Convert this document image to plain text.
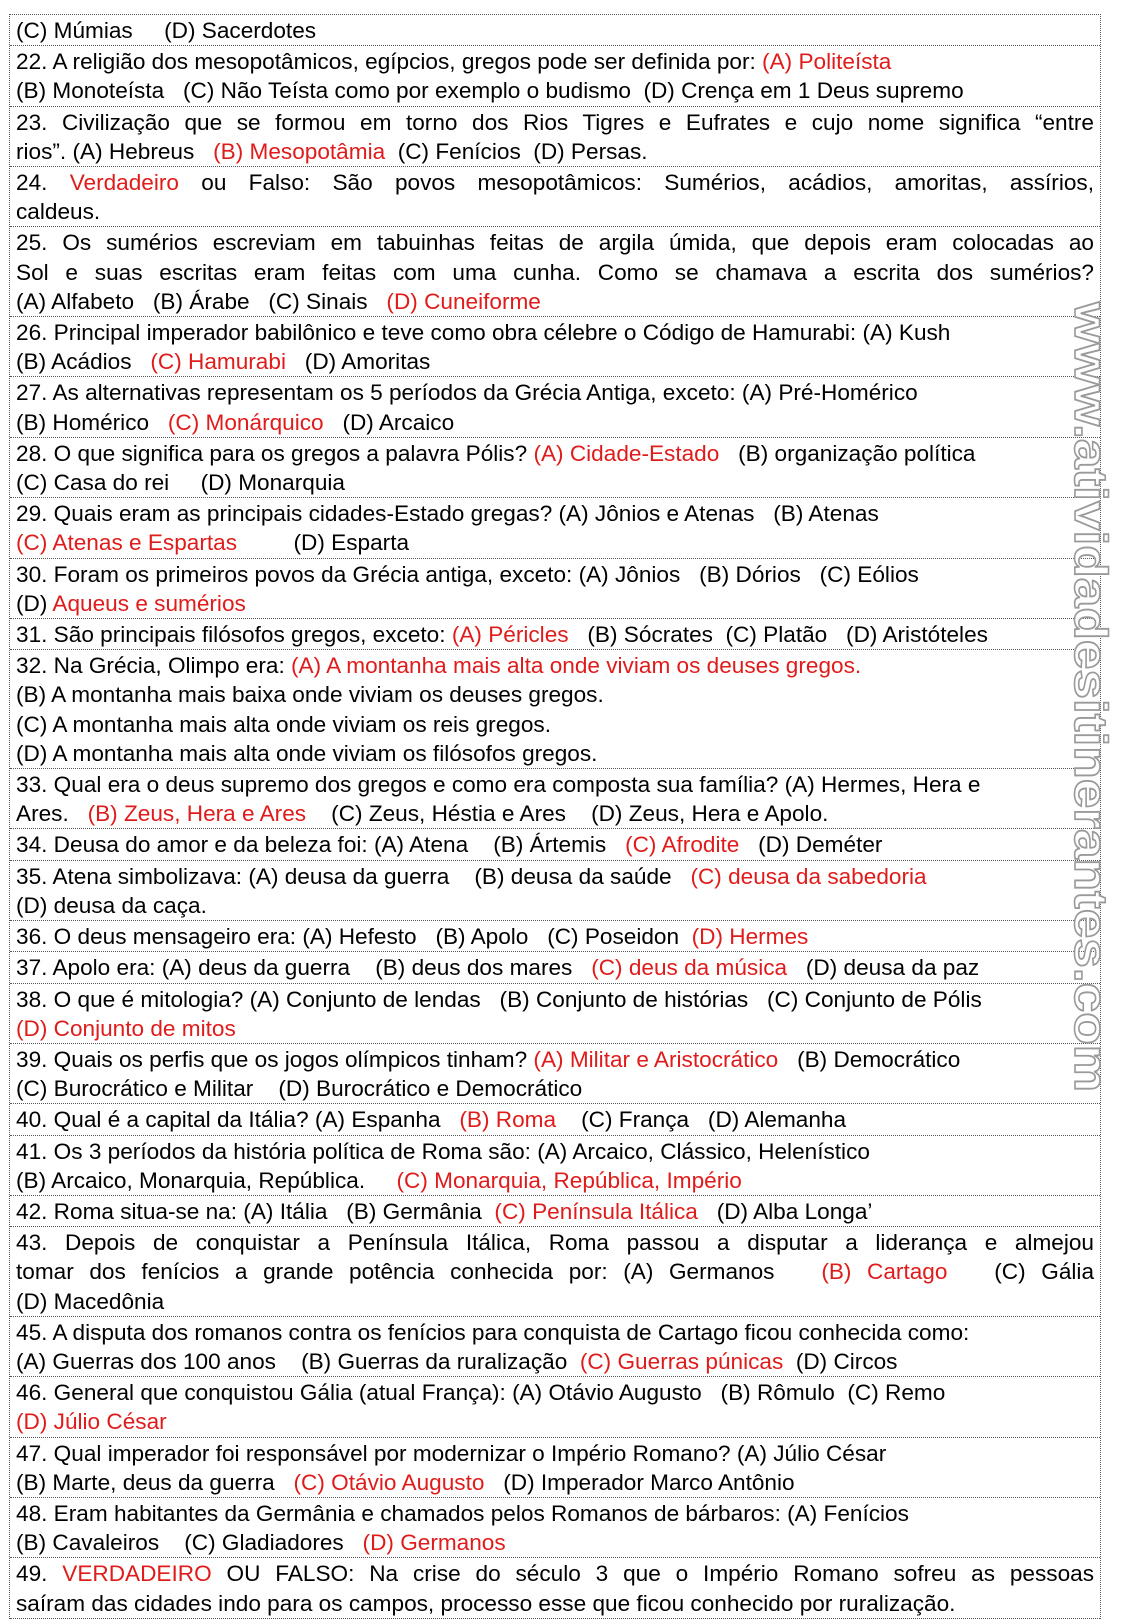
(C) Múmias     (D) Sacerdotes
22. A religião dos mesopotâmicos, egípcios, gregos pode ser definida por: (A) Politeísta
(B) Monoteísta   (C) Não Teísta como por exemplo o budismo  (D) Crença em 1 Deus supremo
23. Civilização que se formou em torno dos Rios Tigres e Eufrates e cujo nome significa “entre
rios”. (A) Hebreus   (B) Mesopotâmia  (C) Fenícios  (D) Persas.
24. Verdadeiro ou Falso: São povos mesopotâmicos: Sumérios, acádios, amoritas, assírios,
caldeus.
25. Os sumérios escreviam em tabuinhas feitas de argila úmida, que depois eram colocadas ao
Sol e suas escritas eram feitas com uma cunha. Como se chamava a escrita dos sumérios?
(A) Alfabeto   (B) Árabe   (C) Sinais   (D) Cuneiforme
26. Principal imperador babilônico e teve como obra célebre o Código de Hamurabi: (A) Kush
(B) Acádios   (C) Hamurabi   (D) Amoritas
27. As alternativas representam os 5 períodos da Grécia Antiga, exceto: (A) Pré-Homérico
(B) Homérico   (C) Monárquico   (D) Arcaico
28. O que significa para os gregos a palavra Pólis? (A) Cidade-Estado   (B) organização política
(C) Casa do rei     (D) Monarquia
29. Quais eram as principais cidades-Estado gregas? (A) Jônios e Atenas   (B) Atenas
(C) Atenas e Espartas         (D) Esparta
30. Foram os primeiros povos da Grécia antiga, exceto: (A) Jônios   (B) Dórios   (C) Eólios
(D) Aqueus e sumérios
31. São principais filósofos gregos, exceto: (A) Péricles   (B) Sócrates  (C) Platão   (D) Aristóteles
32. Na Grécia, Olimpo era: (A) A montanha mais alta onde viviam os deuses gregos.
(B) A montanha mais baixa onde viviam os deuses gregos.
(C) A montanha mais alta onde viviam os reis gregos.
(D) A montanha mais alta onde viviam os filósofos gregos.
33. Qual era o deus supremo dos gregos e como era composta sua família? (A) Hermes, Hera e
Ares.   (B) Zeus, Hera e Ares    (C) Zeus, Héstia e Ares    (D) Zeus, Hera e Apolo.
34. Deusa do amor e da beleza foi: (A) Atena    (B) Ártemis   (C) Afrodite   (D) Deméter
35. Atena simbolizava: (A) deusa da guerra    (B) deusa da saúde   (C) deusa da sabedoria
(D) deusa da caça.
36. O deus mensageiro era: (A) Hefesto   (B) Apolo   (C) Poseidon  (D) Hermes
37. Apolo era: (A) deus da guerra    (B) deus dos mares   (C) deus da música   (D) deusa da paz
38. O que é mitologia? (A) Conjunto de lendas   (B) Conjunto de histórias   (C) Conjunto de Pólis
(D) Conjunto de mitos
39. Quais os perfis que os jogos olímpicos tinham? (A) Militar e Aristocrático   (B) Democrático
(C) Burocrático e Militar    (D) Burocrático e Democrático
40. Qual é a capital da Itália? (A) Espanha   (B) Roma    (C) França   (D) Alemanha
41. Os 3 períodos da história política de Roma são: (A) Arcaico, Clássico, Helenístico
(B) Arcaico, Monarquia, República.     (C) Monarquia, República, Império
42. Roma situa-se na: (A) Itália   (B) Germânia  (C) Península Itálica   (D) Alba Longa’
43. Depois de conquistar a Península Itálica, Roma passou a disputar a liderança e almejou
tomar dos fenícios a grande potência conhecida por: (A) Germanos   (B) Cartago   (C) Gália
(D) Macedônia
45. A disputa dos romanos contra os fenícios para conquista de Cartago ficou conhecida como:
(A) Guerras dos 100 anos    (B) Guerras da ruralização  (C) Guerras púnicas  (D) Circos
46. General que conquistou Gália (atual França): (A) Otávio Augusto   (B) Rômulo  (C) Remo
(D) Júlio César
47. Qual imperador foi responsável por modernizar o Império Romano? (A) Júlio César
(B) Marte, deus da guerra   (C) Otávio Augusto   (D) Imperador Marco Antônio
48. Eram habitantes da Germânia e chamados pelos Romanos de bárbaros: (A) Fenícios
(B) Cavaleiros    (C) Gladiadores   (D) Germanos
49. VERDADEIRO OU FALSO: Na crise do século 3 que o Império Romano sofreu as pessoas
saíram das cidades indo para os campos, processo esse que ficou conhecido por ruralização.
www.atividadesitinerantes.com
